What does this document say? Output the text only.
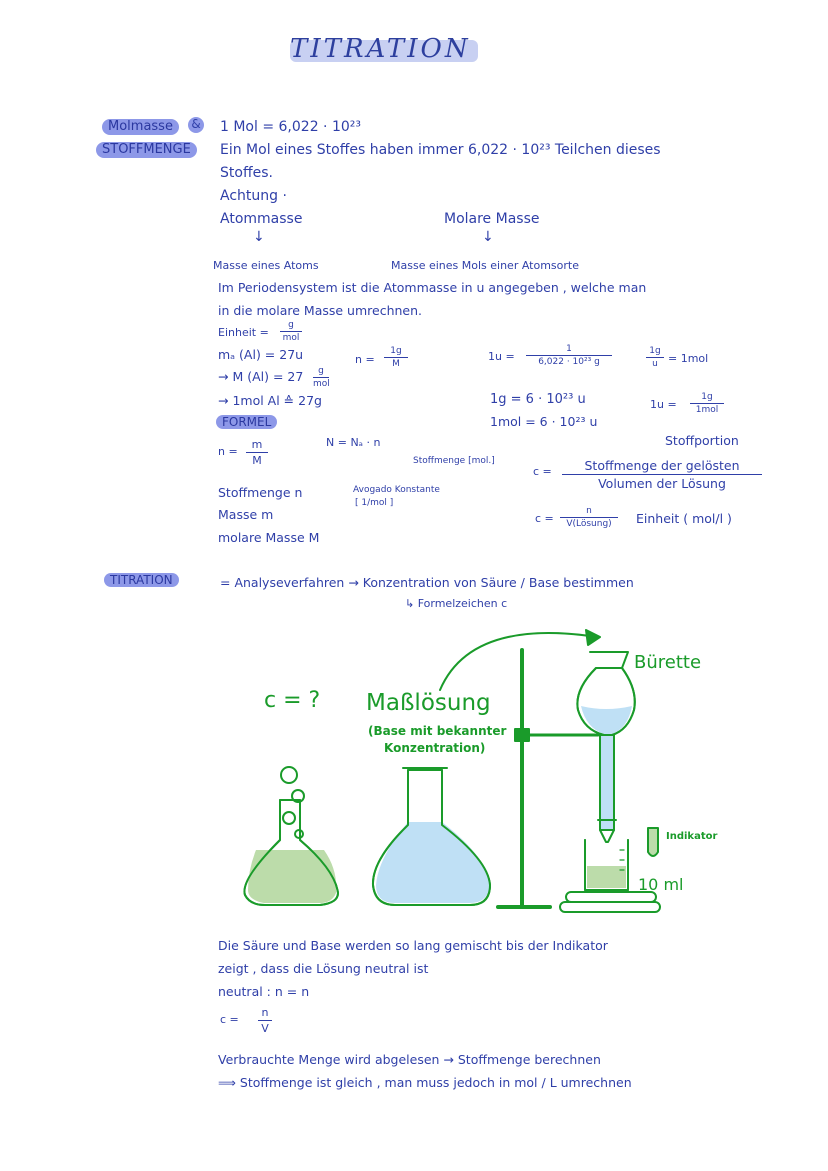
TITRATION
Molmasse	&
STOFFMENGE
1 Mol = 6,022 · 10²³
Ein Mol eines Stoffes haben immer 6,022 · 10²³ Teilchen dieses
Stoffes.
Achtung ·
Atommasse	Molare Masse
↓	↓
Masse eines Atoms	Masse eines Mols einer Atomsorte
Im Periodensystem ist die Atommasse in u angegeben , welche man
in die molare Masse umrechnen.
Einheit =
g
mol
mₐ (Al) = 27u
→ M (Al) = 27	g
mol
→ 1mol Al ≙ 27g
n =
1g
M
1u =
1
6,022 · 10²³ g
1g
u = 1mol
1g = 6 · 10²³ u
1mol = 6 · 10²³ u
1u =
1g
1mol
FORMEL
n =
m
M
N = Nₐ · n
Stoffmenge [mol.]
Avogado Konstante
[ 1/mol ]
Stoffportion
c =	Stoffmenge der gelösten
Volumen der Lösung
Stoffmenge n
Masse m
molare Masse M
c =
n
V(Lösung)	Einheit ( mol/l )
TITRATION	= Analyseverfahren → Konzentration von Säure / Base bestimmen
↳ Formelzeichen c
c = ? Maßlösung
(Base mit bekannter
Konzentration)
Bürette
Indikator
10 ml
Die Säure und Base werden so lang gemischt bis der Indikator
zeigt , dass die Lösung neutral ist
neutral : n = n
c =
n
V
Verbrauchte Menge wird abgelesen → Stoffmenge berechnen
⟹ Stoffmenge ist gleich , man muss jedoch in mol / L umrechnen
